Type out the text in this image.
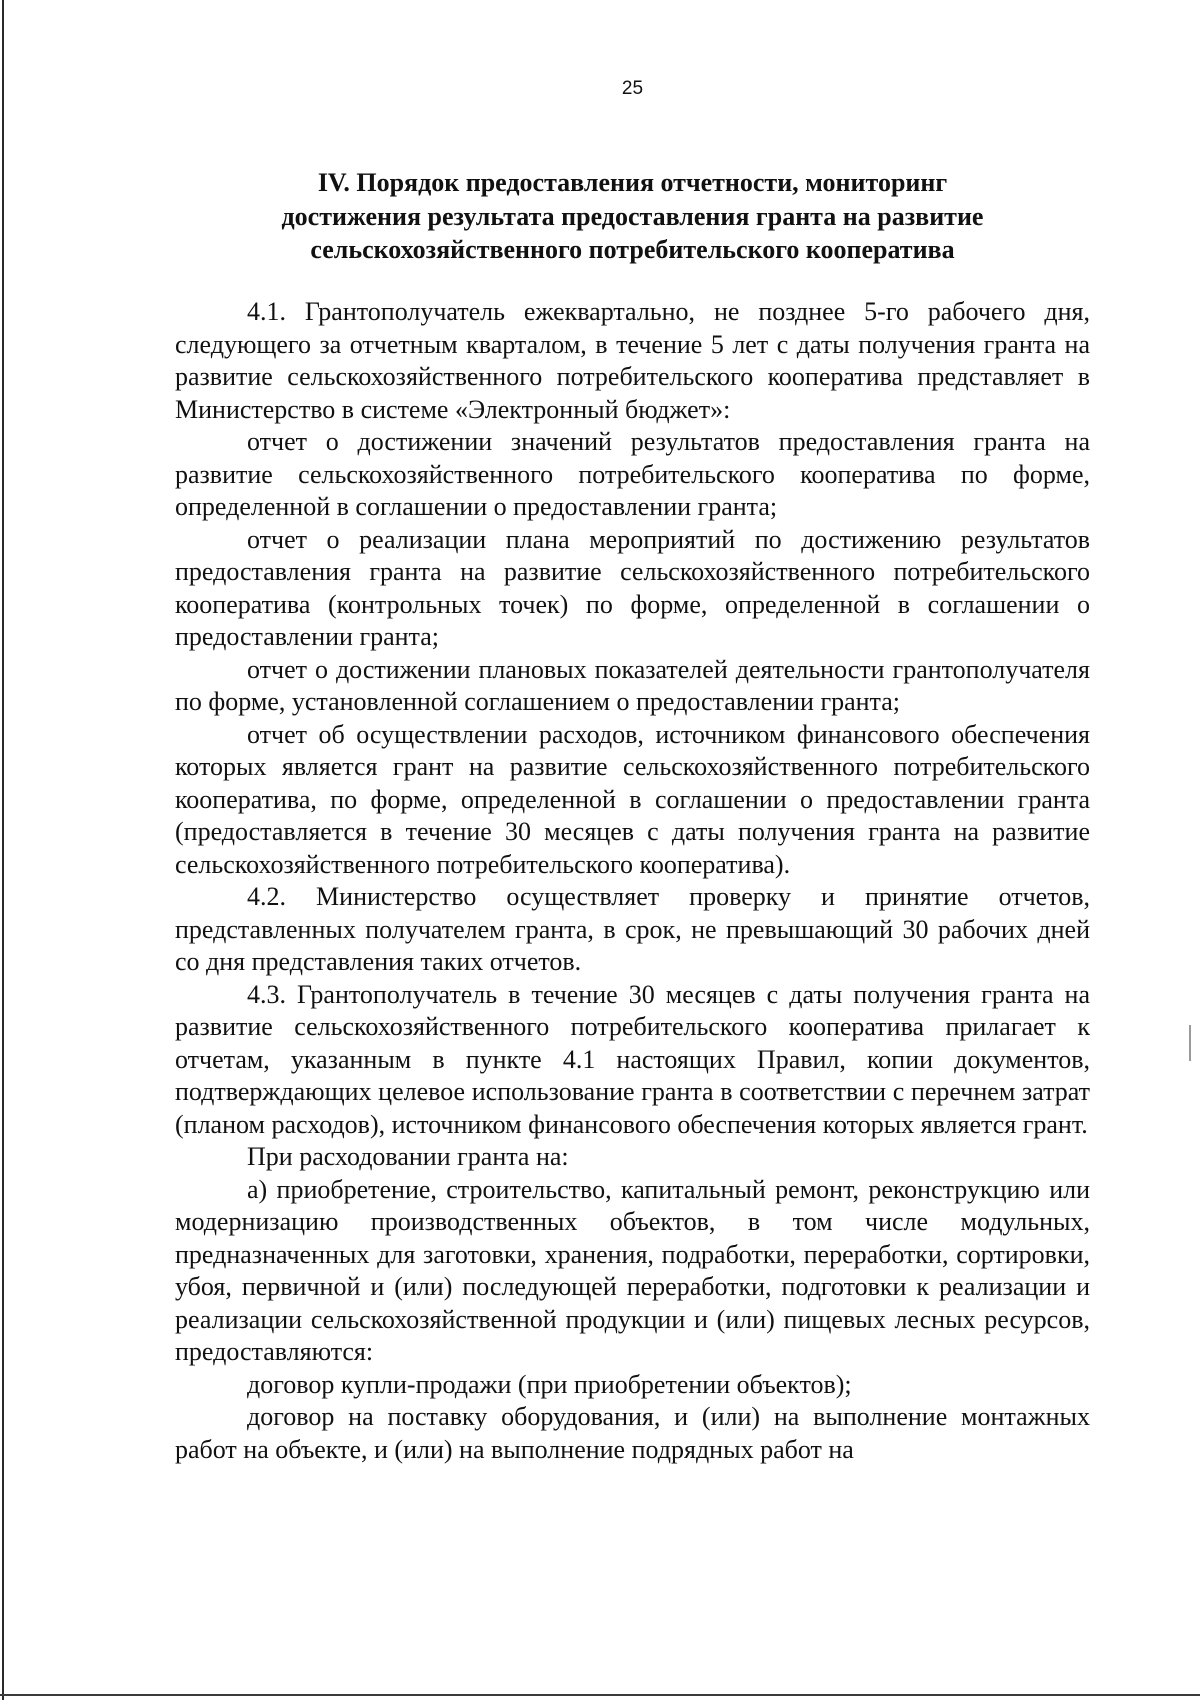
25
IV. Порядок предоставления отчетности, мониторинг
достижения результата предоставления гранта на развитие
сельскохозяйственного потребительского кооператива

4.1. Грантополучатель ежеквартально, не позднее 5-го рабочего дня, следующего за отчетным кварталом, в течение 5 лет с даты получения гранта на развитие сельскохозяйственного потребительского кооператива представляет в Министерство в системе «Электронный бюджет»:

отчет о достижении значений результатов предоставления гранта на развитие сельскохозяйственного потребительского кооператива по форме, определенной в соглашении о предоставлении гранта;

отчет о реализации плана мероприятий по достижению результатов предоставления гранта на развитие сельскохозяйственного потребительского кооператива (контрольных точек) по форме, определенной в соглашении о предоставлении гранта;

отчет о достижении плановых показателей деятельности грантополучателя по форме, установленной соглашением о предоставлении гранта;

отчет об осуществлении расходов, источником финансового обеспечения которых является грант на развитие сельскохозяйственного потребительского кооператива, по форме, определенной в соглашении о предоставлении гранта (предоставляется в течение 30 месяцев с даты получения гранта на развитие сельскохозяйственного потребительского кооператива).

4.2. Министерство осуществляет проверку и принятие отчетов, представленных получателем гранта, в срок, не превышающий 30 рабочих дней со дня представления таких отчетов.

4.3. Грантополучатель в течение 30 месяцев с даты получения гранта на развитие сельскохозяйственного потребительского кооператива прилагает к отчетам, указанным в пункте 4.1 настоящих Правил, копии документов, подтверждающих целевое использование гранта в соответствии с перечнем затрат (планом расходов), источником финансового обеспечения которых является грант.

При расходовании гранта на:

а) приобретение, строительство, капитальный ремонт, реконструкцию или модернизацию производственных объектов, в том числе модульных, предназначенных для заготовки, хранения, подработки, переработки, сортировки, убоя, первичной и (или) последующей переработки, подготовки к реализации и реализации сельскохозяйственной продукции и (или) пищевых лесных ресурсов, предоставляются:

договор купли-продажи (при приобретении объектов);

договор на поставку оборудования, и (или) на выполнение монтажных работ на объекте, и (или) на выполнение подрядных работ на
